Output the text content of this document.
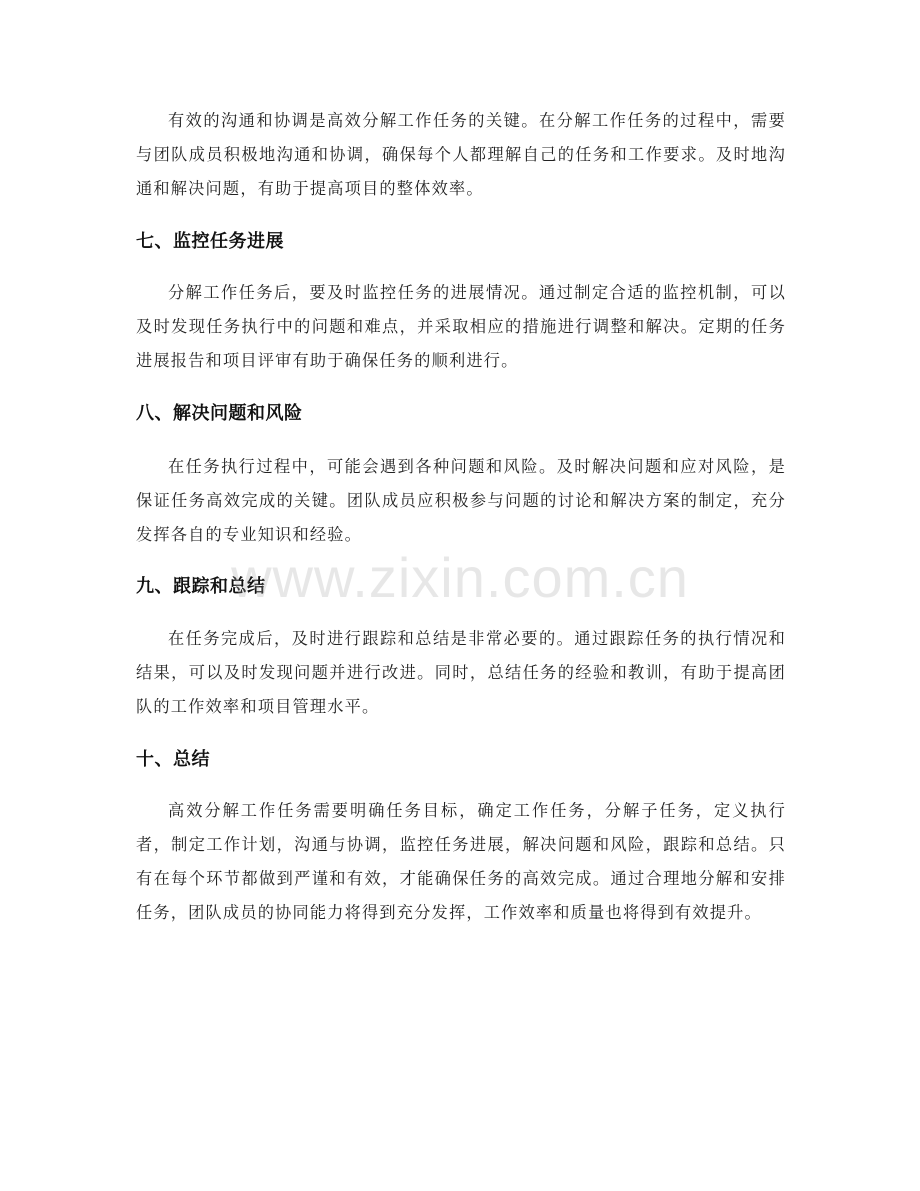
有效的沟通和协调是高效分解工作任务的关键。在分解工作任务的过程中，需要与团队成员积极地沟通和协调，确保每个人都理解自己的任务和工作要求。及时地沟通和解决问题，有助于提高项目的整体效率。

七、监控任务进展

分解工作任务后，要及时监控任务的进展情况。通过制定合适的监控机制，可以及时发现任务执行中的问题和难点，并采取相应的措施进行调整和解决。定期的任务进展报告和项目评审有助于确保任务的顺利进行。

八、解决问题和风险

在任务执行过程中，可能会遇到各种问题和风险。及时解决问题和应对风险，是保证任务高效完成的关键。团队成员应积极参与问题的讨论和解决方案的制定，充分发挥各自的专业知识和经验。

九、跟踪和总结

在任务完成后，及时进行跟踪和总结是非常必要的。通过跟踪任务的执行情况和结果，可以及时发现问题并进行改进。同时，总结任务的经验和教训，有助于提高团队的工作效率和项目管理水平。

十、总结

高效分解工作任务需要明确任务目标，确定工作任务，分解子任务，定义执行者，制定工作计划，沟通与协调，监控任务进展，解决问题和风险，跟踪和总结。只有在每个环节都做到严谨和有效，才能确保任务的高效完成。通过合理地分解和安排任务，团队成员的协同能力将得到充分发挥，工作效率和质量也将得到有效提升。

www.zixin.com.cn
